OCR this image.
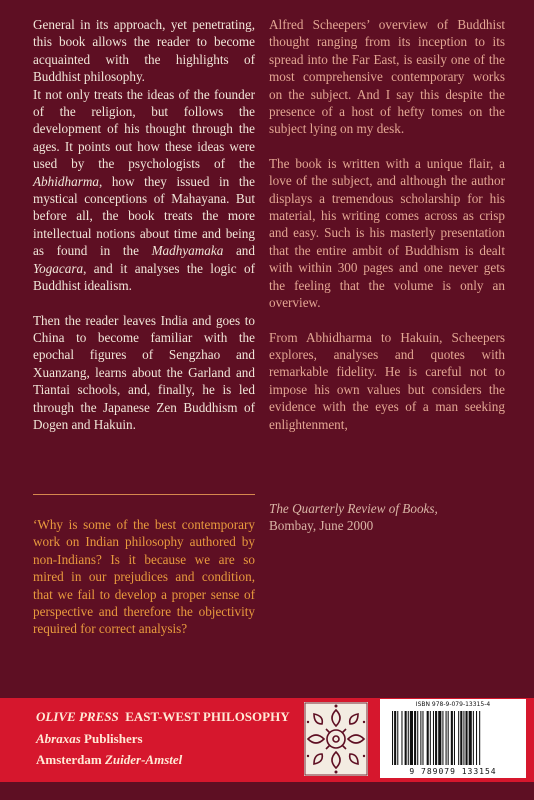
General in its approach, yet penetrating, this book allows the reader to become acquainted with the highlights of Buddhist philosophy.
It not only treats the ideas of the founder of the religion, but follows the development of his thought through the ages. It points out how these ideas were used by the psychologists of the Abhidharma, how they issued in the mystical conceptions of Mahayana. But before all, the book treats the more intellectual notions about time and being as found in the Madhyamaka and Yogacara, and it analyses the logic of Buddhist idealism.

Then the reader leaves India and goes to China to become familiar with the epochal figures of Sengzhao and Xuanzang, learns about the Garland and Tiantai schools, and, finally, he is led through the Japanese Zen Buddhism of Dogen and Hakuin.

‘Why is some of the best contemporary work on Indian philosophy authored by non-Indians? Is it because we are so mired in our prejudices and condition, that we fail to develop a proper sense of perspective and therefore the objectivity required for correct analysis?

Alfred Scheepers’ overview of Buddhist thought ranging from its inception to its spread into the Far East, is easily one of the most comprehensive contemporary works on the subject. And I say this despite the presence of a host of hefty tomes on the subject lying on my desk.

The book is written with a unique flair, a love of the subject, and although the author displays a tremendous scholarship for his material, his writing comes across as crisp and easy. Such is his masterly presentation that the entire ambit of Buddhism is dealt with within 300 pages and one never gets the feeling that the volume is only an overview.

From Abhidharma to Hakuin, Scheepers explores, analyses and quotes with remarkable fidelity. He is careful not to impose his own values but considers the evidence with the eyes of a man seeking enlightenment,

The Quarterly Review of Books,

Bombay, June 2000

OLIVE PRESS EAST-WEST PHILOSOPHY
Abraxas Publishers
Amsterdam Zuider-Amstel
ISBN 978-9-079-13315-4
9 789079 133154
